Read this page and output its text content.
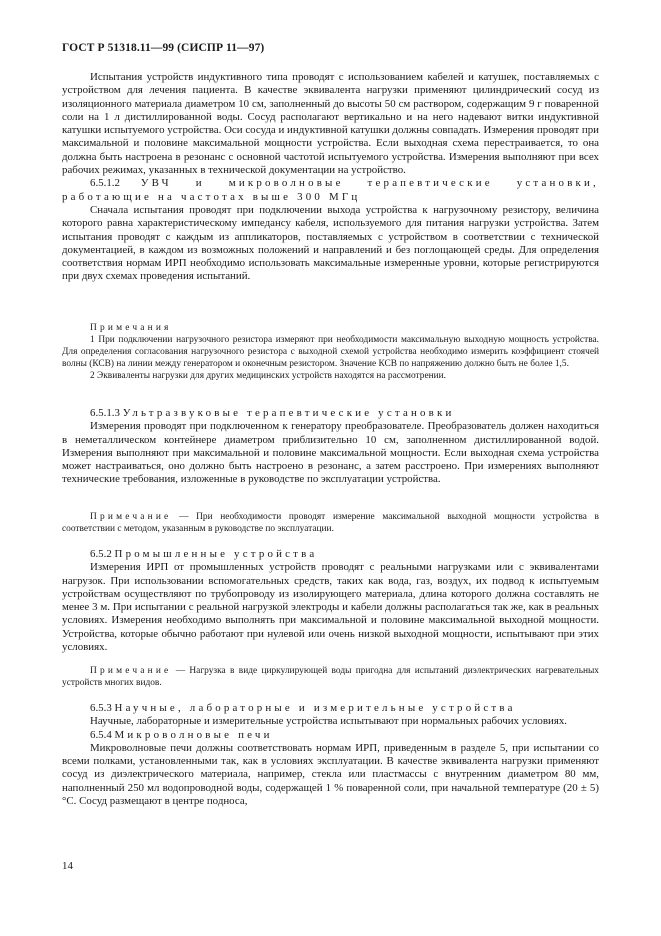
ГОСТ Р 51318.11—99 (СИСПР 11—97)

Испытания устройств индуктивного типа проводят с использованием кабелей и катушек, поставляемых с устройством для лечения пациента. В качестве эквивалента нагрузки применяют цилиндрический сосуд из изоляционного материала диаметром 10 см, заполненный до высоты 50 см раствором, содержащим 9 г поваренной соли на 1 л дистиллированной воды. Сосуд располагают вертикально и на него надевают витки индуктивной катушки испытуемого устройства. Оси сосуда и индуктивной катушки должны совпадать. Измерения проводят при максимальной и половине максимальной мощности устройства. Если выходная схема перестраивается, то она должна быть настроена в резонанс с основной частотой испытуемого устройства. Измерения выполняют при всех рабочих режимах, указанных в технической документации на устройство.

6.5.1.2 УВЧ и микроволновые терапевтические установки, работающие на частотах выше 300 МГц

Сначала испытания проводят при подключении выхода устройства к нагрузочному резистору, величина которого равна характеристическому импедансу кабеля, используемого для питания нагрузки устройства. Затем испытания проводят с каждым из аппликаторов, поставляемых с устройством в соответствии с технической документацией, в каждом из возможных положений и направлений и без поглощающей среды. Для определения соответствия нормам ИРП необходимо использовать максимальные измеренные уровни, которые регистрируются при двух схемах проведения испытаний.

Примечания

1 При подключении нагрузочного резистора измеряют при необходимости максимальную выходную мощность устройства. Для определения согласования нагрузочного резистора с выходной схемой устройства необходимо измерить коэффициент стоячей волны (КСВ) на линии между генератором и оконечным резистором. Значение КСВ по напряжению должно быть не более 1,5.

2 Эквиваленты нагрузки для других медицинских устройств находятся на рассмотрении.

6.5.1.3 Ультразвуковые терапевтические установки

Измерения проводят при подключенном к генератору преобразователе. Преобразователь должен находиться в неметаллическом контейнере диаметром приблизительно 10 см, заполненном дистиллированной водой. Измерения выполняют при максимальной и половине максимальной мощности. Если выходная схема устройства может настраиваться, оно должно быть настроено в резонанс, а затем расстроено. При измерениях выполняют технические требования, изложенные в руководстве по эксплуатации устройства.

Примечание — При необходимости проводят измерение максимальной выходной мощности устройства в соответствии с методом, указанным в руководстве по эксплуатации.

6.5.2 Промышленные устройства

Измерения ИРП от промышленных устройств проводят с реальными нагрузками или с эквивалентами нагрузок. При использовании вспомогательных средств, таких как вода, газ, воздух, их подвод к испытуемым устройствам осуществляют по трубопроводу из изолирующего материала, длина которого должна составлять не менее 3 м. При испытании с реальной нагрузкой электроды и кабели должны располагаться так же, как в реальных условиях. Измерения необходимо выполнять при максимальной и половине максимальной выходной мощности. Устройства, которые обычно работают при нулевой или очень низкой выходной мощности, испытывают при этих условиях.

Примечание — Нагрузка в виде циркулирующей воды пригодна для испытаний диэлектрических нагревательных устройств многих видов.

6.5.3 Научные, лабораторные и измерительные устройства

Научные, лабораторные и измерительные устройства испытывают при нормальных рабочих условиях.

6.5.4 Микроволновые печи

Микроволновые печи должны соответствовать нормам ИРП, приведенным в разделе 5, при испытании со всеми полками, установленными так, как в условиях эксплуатации. В качестве эквивалента нагрузки применяют сосуд из диэлектрического материала, например, стекла или пластмассы с внутренним диаметром 80 мм, наполненный 250 мл водопроводной воды, содержащей 1 % поваренной соли, при начальной температуре (20 ± 5) °С. Сосуд размещают в центре подноса,

14
